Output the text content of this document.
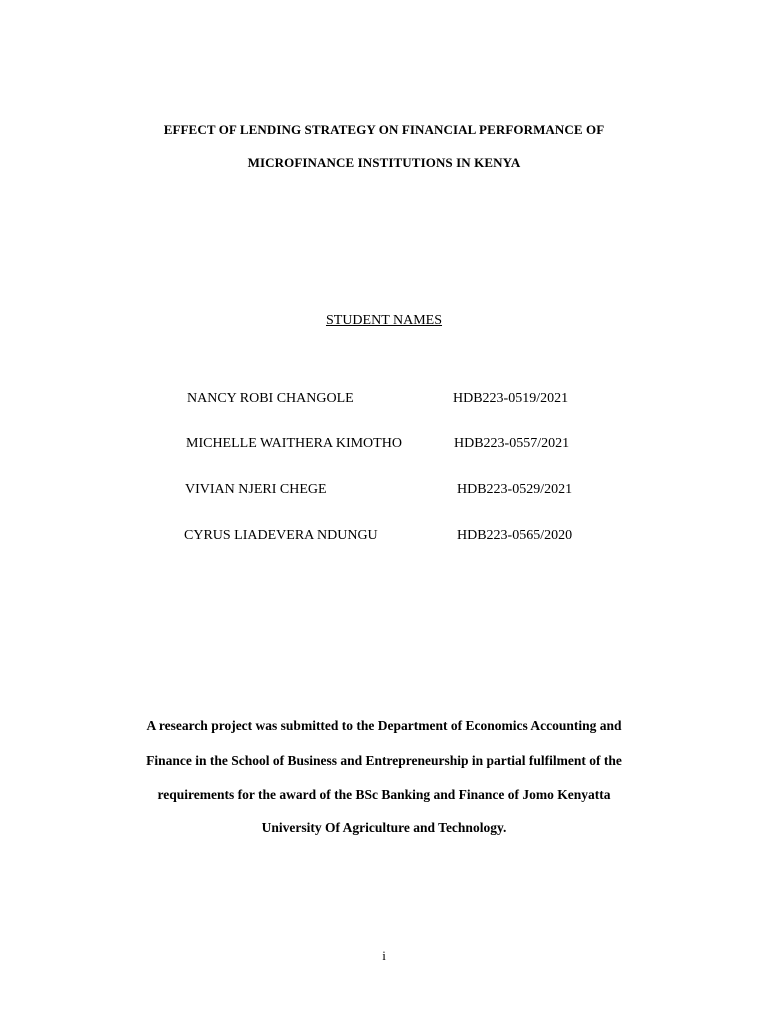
EFFECT OF LENDING STRATEGY ON FINANCIAL PERFORMANCE OF
MICROFINANCE INSTITUTIONS IN KENYA
STUDENT NAMES
NANCY ROBI CHANGOLE	HDB223-0519/2021
MICHELLE WAITHERA KIMOTHO	HDB223-0557/2021
VIVIAN NJERI CHEGE	HDB223-0529/2021
CYRUS LIADEVERA NDUNGU	HDB223-0565/2020
A research project was submitted to the Department of Economics Accounting and
Finance in the School of Business and Entrepreneurship in partial fulfilment of the
requirements for the award of the BSc Banking and Finance of Jomo Kenyatta
University Of Agriculture and Technology.
i
